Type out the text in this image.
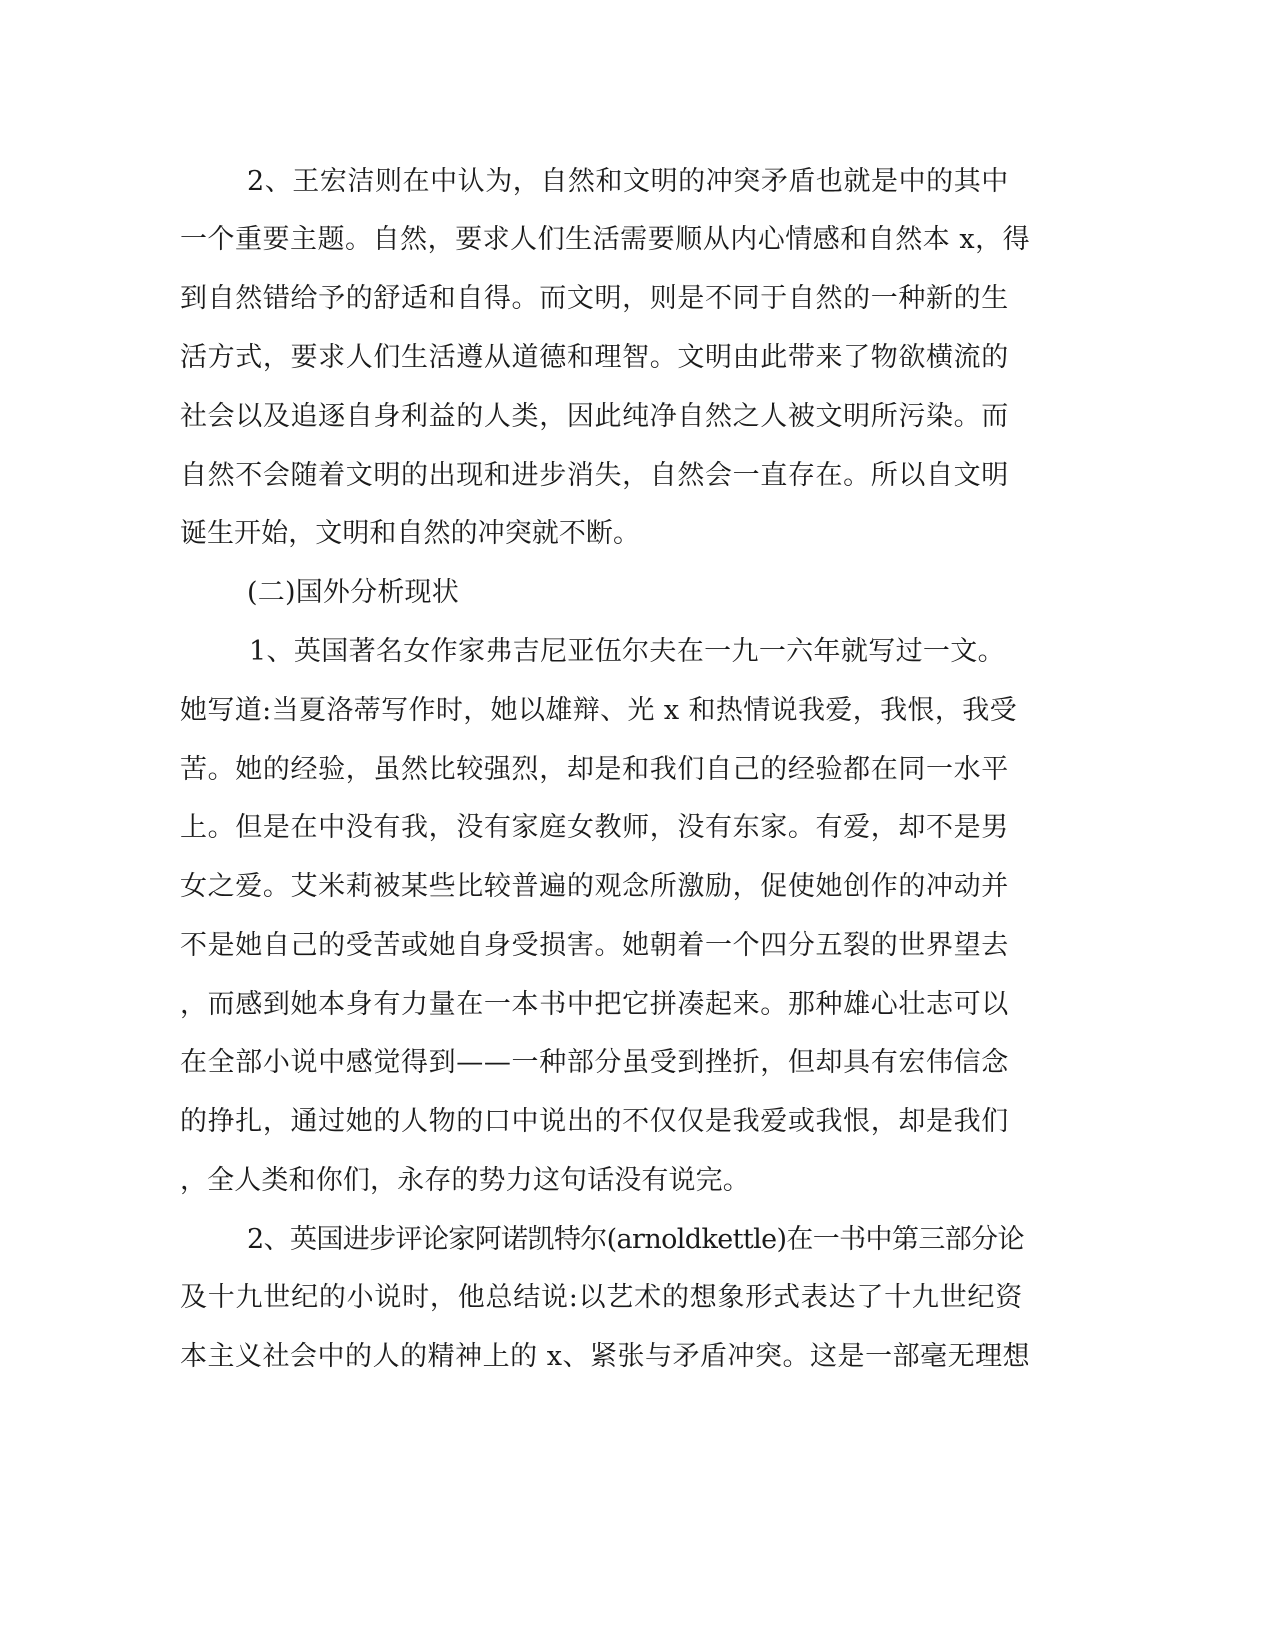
2、王宏洁则在中认为，自然和文明的冲突矛盾也就是中的其中
一个重要主题。自然，要求人们生活需要顺从内心情感和自然本 x，得
到自然错给予的舒适和自得。而文明，则是不同于自然的一种新的生
活方式，要求人们生活遵从道德和理智。文明由此带来了物欲横流的
社会以及追逐自身利益的人类，因此纯净自然之人被文明所污染。而
自然不会随着文明的出现和进步消失，自然会一直存在。所以自文明
诞生开始，文明和自然的冲突就不断。
(二)国外分析现状
1、英国著名女作家弗吉尼亚伍尔夫在一九一六年就写过一文。
她写道:当夏洛蒂写作时，她以雄辩、光 x 和热情说我爱，我恨，我受
苦。她的经验，虽然比较强烈，却是和我们自己的经验都在同一水平
上。但是在中没有我，没有家庭女教师，没有东家。有爱，却不是男
女之爱。艾米莉被某些比较普遍的观念所激励，促使她创作的冲动并
不是她自己的受苦或她自身受损害。她朝着一个四分五裂的世界望去
，而感到她本身有力量在一本书中把它拼凑起来。那种雄心壮志可以
在全部小说中感觉得到——一种部分虽受到挫折，但却具有宏伟信念
的挣扎，通过她的人物的口中说出的不仅仅是我爱或我恨，却是我们
，全人类和你们，永存的势力这句话没有说完。
2、英国进步评论家阿诺凯特尔(arnoldkettle)在一书中第三部分论
及十九世纪的小说时，他总结说:以艺术的想象形式表达了十九世纪资
本主义社会中的人的精神上的 x、紧张与矛盾冲突。这是一部毫无理想
